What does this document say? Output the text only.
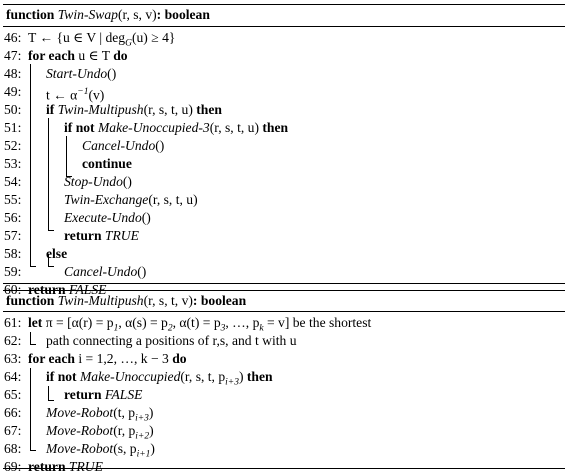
function Twin-Swap(r, s, v): boolean
46: T ← {u ∈ V | deg$_G$(u) ≥ 4}
47: for each u ∈ T do
48:	Start-Undo()
49:	t ← $\alpha^{-1}(v)$
50:	if Twin-Multipush(r, s, t, u) then
51:	if not Make-Unoccupied-3(r, s, t, u) then
52:	Cancel-Undo()
53:	continue
54:	Stop-Undo()
55:	Twin-Exchange(r, s, t, u)
56:	Execute-Undo()
57:	return TRUE
58:	else
59:	Cancel-Undo()
60: return FALSE
function Twin-Multipush(r, s, t, v): boolean
61: let $\pi = [\alpha(r) = p_1$, $\alpha(s) = p_2$, $\alpha(t) = p_3$, …, $p_k = v$] be the shortest
62:	path connecting a positions of r,s, and t with u
63: for each i = 1,2, …, k − 3 do
64:	if not Make-Unoccupied(r, s, t, $p_{i+3}$) then
65:	return FALSE
66:	Move-Robot(t, $p_{i+3}$)
67:	Move-Robot(r, $p_{i+2}$)
68:	Move-Robot(s, $p_{i+1}$)
69: return TRUE
